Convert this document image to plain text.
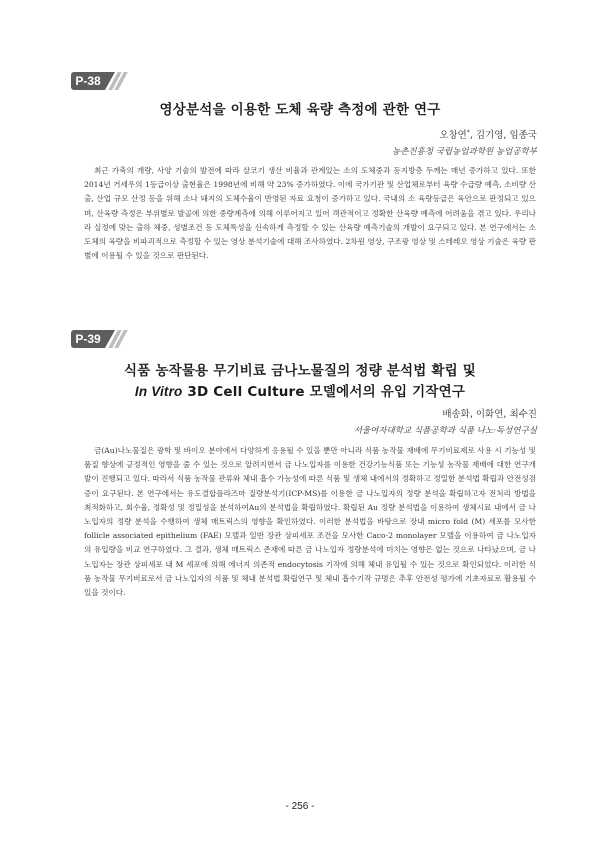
P-38
영상분석을 이용한 도체 육량 측정에 관한 연구
오창연*, 김기영, 임종국
농촌진흥청 국립농업과학원 농업공학부

최근 가축의 개량, 사양 기술의 발전에 따라 살코기 생산 비율과 관계있는 소의 도체중과 등지방층 두께는 매년 증가하고 있다. 또한 2014년 거세우의 1등급이상 출현율은 1998년에 비해 약 23% 증가하였다. 이에 국가기관 및 산업체로부터 육량 수급량 예측, 소비량 산출, 산업 규모 산정 등을 위해 소나 돼지의 도체수율이 반영된 자료 요청이 증가하고 있다. 국내의 소 육량등급은 육안으로 판정되고 있으며, 산육량 측정은 부위별로 발골에 의한 중량계측에 의해 이루어지고 있어 객관적이고 정확한 산육량 예측에 어려움을 겪고 있다. 우리나라 실정에 맞는 출하 체중, 성별조건 등 도체특성을 신속하게 측정할 수 있는 산육량 예측기술의 개발이 요구되고 있다. 본 연구에서는 소도체의 육량을 비파괴적으로 측정할 수 있는 영상 분석기술에 대해 조사하였다. 2차원 영상, 구조광 영상 및 스테레오 영상 기술은 육량 판별에 이용될 수 있을 것으로 판단된다.

P-39
식품 농작물용 무기비료 금나노물질의 정량 분석법 확립 및
In Vitro 3D Cell Culture 모델에서의 유입 기작연구
배송화, 이화연, 최수진
서울여자대학교 식품공학과 식품 나노·독성연구실

금(Au)나노물질은 광학 및 바이오 분야에서 다양하게 응용될 수 있을 뿐만 아니라 식품 농작물 재배에 무기비료제로 사용 시 기능성 및 품질 향상에 긍정적인 영향을 줄 수 있는 것으로 알려지면서 금 나노입자를 이용한 건강기능식품 또는 기능성 농작물 재배에 대한 연구개발이 진행되고 있다. 따라서 식품 농작물 관류와 체내 흡수 가능성에 따른 식품 및 생체 내에서의 정확하고 정밀한 분석법 확립과 안전성검증이 요구된다. 본 연구에서는 유도결합플라즈마 질량분석기(ICP-MS)를 이용한 금 나노입자의 정량 분석을 확립하고자 전처리 방법을 최적화하고, 회수율, 정확성 및 정밀성을 분석하여Au의 분석법을 확립하였다. 확립된 Au 정량 분석법을 이용하여 생체시료 내에서 금 나노입자의 정량 분석을 수행하여 생체 매트릭스의 영향을 확인하였다. 이러한 분석법을 바탕으로 장내 micro fold (M) 세포를 모사한 follicle associated epithelium (FAE) 모델과 일반 장관 상피세포 조건을 모사한 Caco-2 monolayer 모델을 이용하여 금 나노입자의 유입량을 비교 연구하였다. 그 결과, 생체 매트릭스 존재에 따른 금 나노입자 정량분석에 미치는 영향은 없는 것으로 나타났으며, 금 나노입자는 장관 상피세포 내 M 세포에 의해 에너지 의존적 endocytosis 기작에 의해 체내 유입될 수 있는 것으로 확인되었다. 이러한 식품 농작물 무기비료로서 금 나노입자의 식품 및 체내 분석법 확립연구 및 체내 흡수기작 규명은 추후 안전성 평가에 기초자료로 활용될 수 있을 것이다.

- 256 -
